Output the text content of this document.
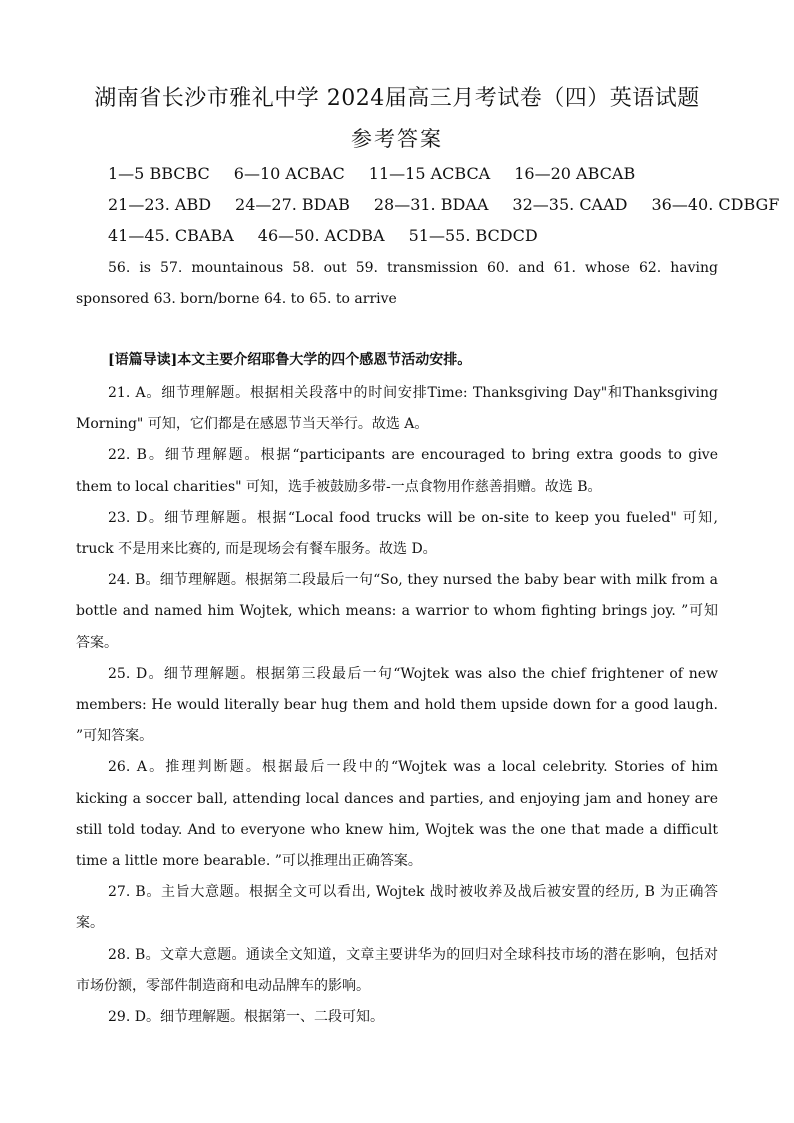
湖南省长沙市雅礼中学 2024届高三月考试卷（四）英语试题
参考答案
1—5 BBCBC 6—10 ACBAC 11—15 ACBCA 16—20 ABCAB
21—23. ABD 24—27. BDAB 28—31. BDAA 32—35. CAAD 36—40. CDBGF
41—45. CBABA 46—50. ACDBA 51—55. BCDCD
56. is 57. mountainous 58. out 59. transmission 60. and 61. whose 62. having sponsored 63. born/borne 64. to 65. to arrive
[语篇导读]本文主要介绍耶鲁大学的四个感恩节活动安排。

21. A。细节理解题。根据相关段落中的时间安排Time: Thanksgiving Day"和Thanksgiving Morning" 可知，它们都是在感恩节当天举行。故选 A。

22. B。细节理解题。根据“participants are encouraged to bring extra goods to give them to local charities" 可知，选手被鼓励多带-一点食物用作慈善捐赠。故选 B。

23. D。细节理解题。根据“Local food trucks will be on-site to keep you fueled" 可知, truck 不是用来比赛的, 而是现场会有餐车服务。故选 D。

24. B。细节理解题。根据第二段最后一句“So, they nursed the baby bear with milk from a bottle and named him Wojtek, which means: a warrior to whom fighting brings joy. ”可知答案。

25. D。细节理解题。根据第三段最后一句“Wojtek was also the chief frightener of new members: He would literally bear hug them and hold them upside down for a good laugh. ”可知答案。

26. A。推理判断题。根据最后一段中的“Wojtek was a local celebrity. Stories of him kicking a soccer ball, attending local dances and parties, and enjoying jam and honey are still told today. And to everyone who knew him, Wojtek was the one that made a difficult time a little more bearable. ”可以推理出正确答案。

27. B。主旨大意题。根据全文可以看出, Wojtek 战时被收养及战后被安置的经历, B 为正确答案。

28. B。文章大意题。通读全文知道，文章主要讲华为的回归对全球科技市场的潜在影响，包括对市场份额，零部件制造商和电动品牌车的影响。

29. D。细节理解题。根据第一、二段可知。
